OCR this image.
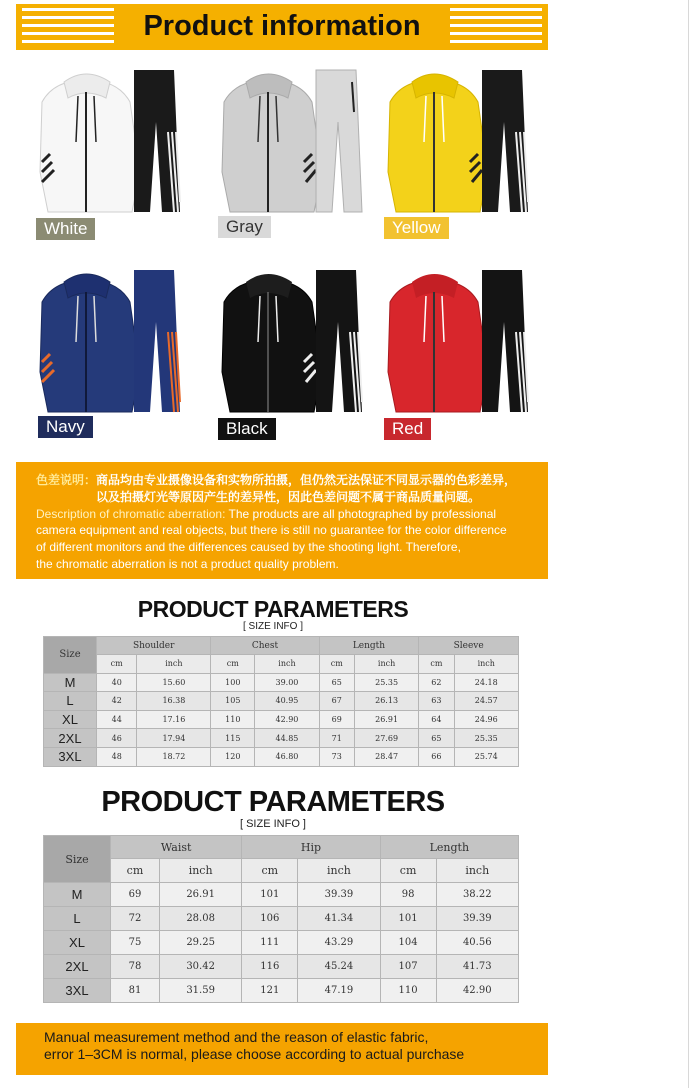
Product information
White	Gray	Yellow
Navy	Black	Red
色差说明：商品均由专业摄像设备和实物所拍摄，但仍然无法保证不同显示器的色彩差异，
以及拍摄灯光等原因产生的差异性，因此色差问题不属于商品质量问题。
Description of chromatic aberration: The products are all photographed by professional
camera equipment and real objects, but there is still no guarantee for the color difference
of different monitors and the differences caused by the shooting light. Therefore,
the chromatic aberration is not a product quality problem.
PRODUCT PARAMETERS
[ SIZE INFO ]
Size	Shoulder		Chest		Length		Sleeve	
	cm	inch	cm	inch	cm	inch	cm	inch
M	40	15.60	100	39.00	65	25.35	62	24.18
L	42	16.38	105	40.95	67	26.13	63	24.57
XL	44	17.16	110	42.90	69	26.91	64	24.96
2XL	46	17.94	115	44.85	71	27.69	65	25.35
3XL	48	18.72	120	46.80	73	28.47	66	25.74
PRODUCT PARAMETERS
[ SIZE INFO ]
Size	Waist		Hip		Length	
	cm	inch	cm	inch	cm	inch
M	69	26.91	101	39.39	98	38.22
L	72	28.08	106	41.34	101	39.39
XL	75	29.25	111	43.29	104	40.56
2XL	78	30.42	116	45.24	107	41.73
3XL	81	31.59	121	47.19	110	42.90
Manual measurement method and the reason of elastic fabric,
error 1–3CM is normal, please choose according to actual purchase
